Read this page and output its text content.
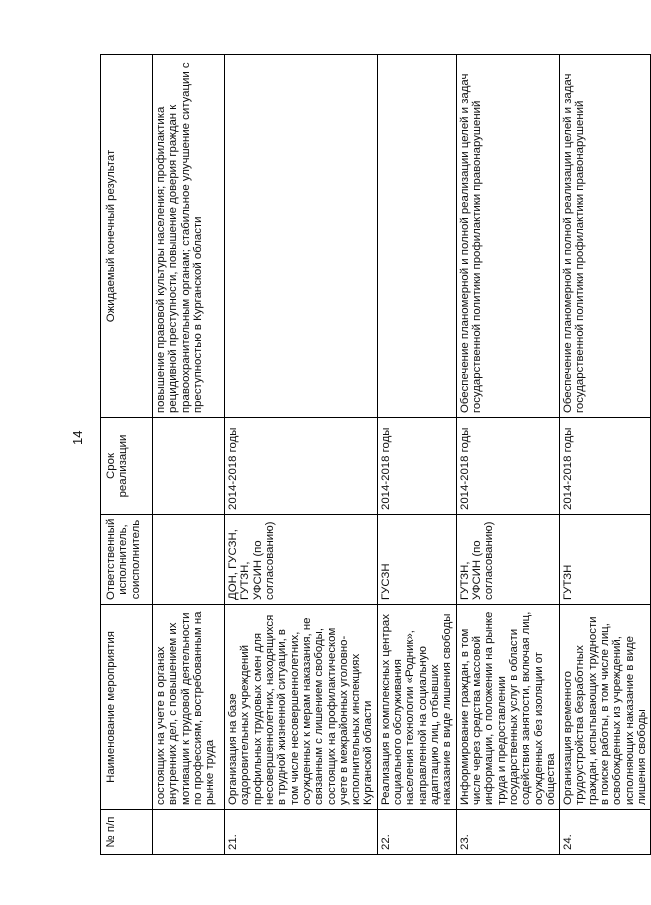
14
№ п/п	Наименование мероприятия	Ответственный исполнитель, соисполнитель	Срок реализации	Ожидаемый конечный результат
	состоящих на учете в органах внутренних дел, с повышением их мотивации к трудовой деятельности по профессиям, востребованным на рынке труда			повышение правовой культуры населения; профилактика рецидивной преступности, повышение доверия граждан к правоохранительным органам; стабильное улучшение ситуации с преступностью в Курганской области
21.	Организация на базе оздоровительных учреждений профильных трудовых смен для несовершеннолетних, находящихся в трудной жизненной ситуации, в том числе несовершеннолетних, осужденных к мерам наказания, не связанным с лишением свободы, состоящих на профилактическом учете в межрайонных уголовно-исполнительных инспекциях Курганской области	ДОН, ГУСЗН, ГУТЗН, УФСИН (по согласованию)	2014-2018 годы	
22.	Реализация в комплексных центрах социального обслуживания населения технологии «Родник», направленной на социальную адаптацию лиц, отбывших наказание в виде лишения свободы	ГУСЗН	2014-2018 годы	
23.	Информирование граждан, в том числе через средства массовой информации, о положении на рынке труда и предоставлении государственных услуг в области содействия занятости, включая лиц, осужденных без изоляции от общества	ГУТЗН, УФСИН (по согласованию)	2014-2018 годы	Обеспечение планомерной и полной реализации целей и задач государственной политики профилактики правонарушений
24.	Организация временного трудоустройства безработных граждан, испытывающих трудности в поиске работы, в том числе лиц, освобожденных из учреждений, исполняющих наказание в виде лишения свободы	ГУТЗН	2014-2018 годы	Обеспечение планомерной и полной реализации целей и задач государственной политики профилактики правонарушений
